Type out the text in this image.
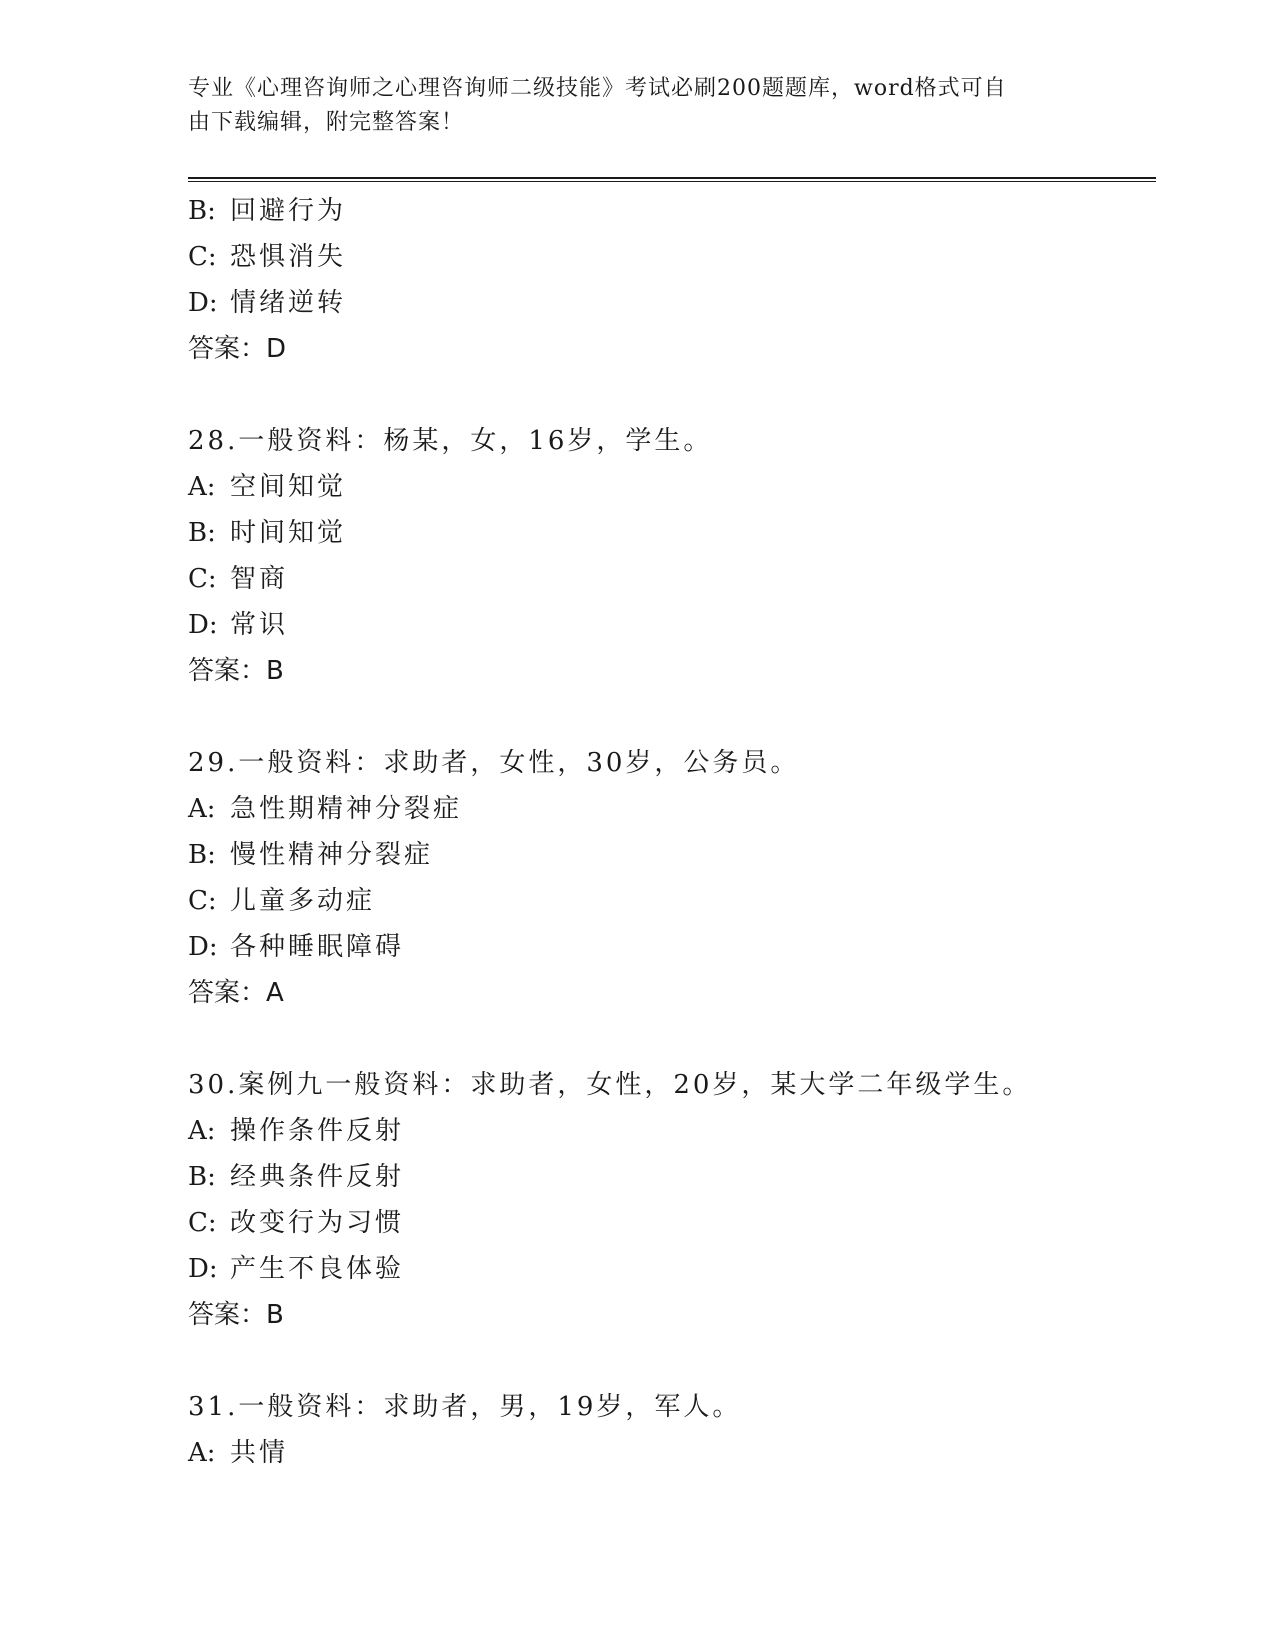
专业《心理咨询师之心理咨询师二级技能》考试必刷200题题库，word格式可自
由下载编辑，附完整答案！
B: 回避行为
C: 恐惧消失
D: 情绪逆转
答案：D
28.一般资料：杨某，女，16岁，学生。
A: 空间知觉
B: 时间知觉
C: 智商
D: 常识
答案：B
29.一般资料：求助者，女性，30岁，公务员。
A: 急性期精神分裂症
B: 慢性精神分裂症
C: 儿童多动症
D: 各种睡眠障碍
答案：A
30.案例九一般资料：求助者，女性，20岁，某大学二年级学生。
A: 操作条件反射
B: 经典条件反射
C: 改变行为习惯
D: 产生不良体验
答案：B
31.一般资料：求助者，男，19岁，军人。
A: 共情
